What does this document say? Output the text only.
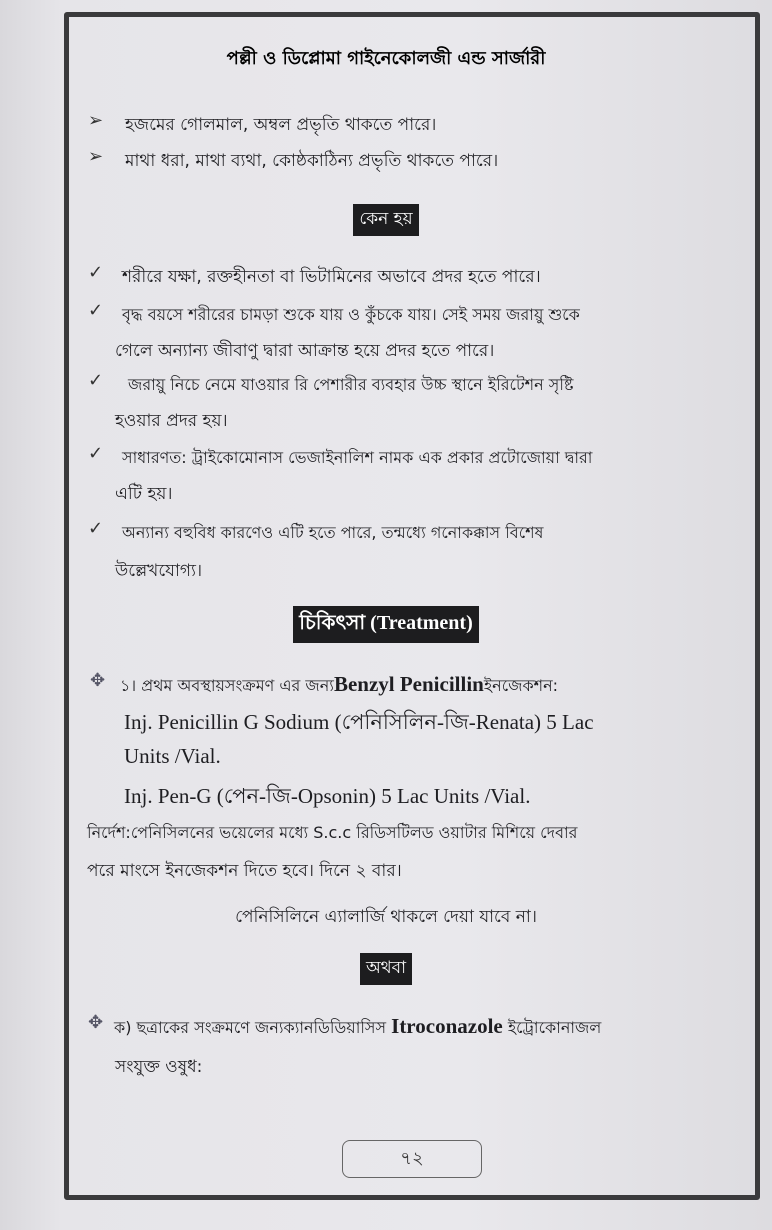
পল্লী ও ডিপ্লোমা গাইনেকোলজী এন্ড সার্জারী
➢ হজমের গোলমাল, অম্বল প্রভৃতি থাকতে পারে।
➢ মাথা ধরা, মাথা ব্যথা, কোষ্ঠকাঠিন্য প্রভৃতি থাকতে পারে।
কেন হয়
✓ শরীরে যক্ষা, রক্তহীনতা বা ভিটামিনের অভাবে প্রদর হতে পারে।
✓ বৃদ্ধ বয়সে শরীরের চামড়া শুকে যায় ও কুঁচকে যায়। সেই সময় জরায়ু শুকে
গেলে অন্যান্য জীবাণু দ্বারা আক্রান্ত হয়ে প্রদর হতে পারে।
✓ জরায়ু নিচে নেমে যাওয়ার রি পেশারীর ব্যবহার উচ্চ স্থানে ইরিটেশন সৃষ্টি
হওয়ার প্রদর হয়।
✓ সাধারণত: ট্রাইকোমোনাস ভেজাইনালিশ নামক এক প্রকার প্রটোজোয়া দ্বারা
এটি হয়।
✓ অন্যান্য বহুবিধ কারণেও এটি হতে পারে, তন্মধ্যে গনোকক্কাস বিশেষ
উল্লেখযোগ্য।
চিকিৎসা (Treatment)
✥ ১। প্রথম অবস্থায়সংক্রমণ এর জন্যBenzyl Penicillinইনজেকশন:
Inj. Penicillin G Sodium (পেনিসিলিন-জি-Renata) 5 Lac
Units /Vial.
Inj. Pen-G (পেন-জি-Opsonin) 5 Lac Units /Vial.
নির্দেশ:পেনিসিলনের ভয়েলের মধ্যে S.c.c রিডিসটিলড ওয়াটার মিশিয়ে দেবার
পরে মাংসে ইনজেকশন দিতে হবে। দিনে ২ বার।
পেনিসিলিনে এ্যালার্জি থাকলে দেয়া যাবে না।
অথবা
✥ ক) ছত্রাকের সংক্রমণে জন্যক্যানডিডিয়াসিস Itroconazole ইট্রোকোনাজল
সংযুক্ত ওষুধ:
৭২
